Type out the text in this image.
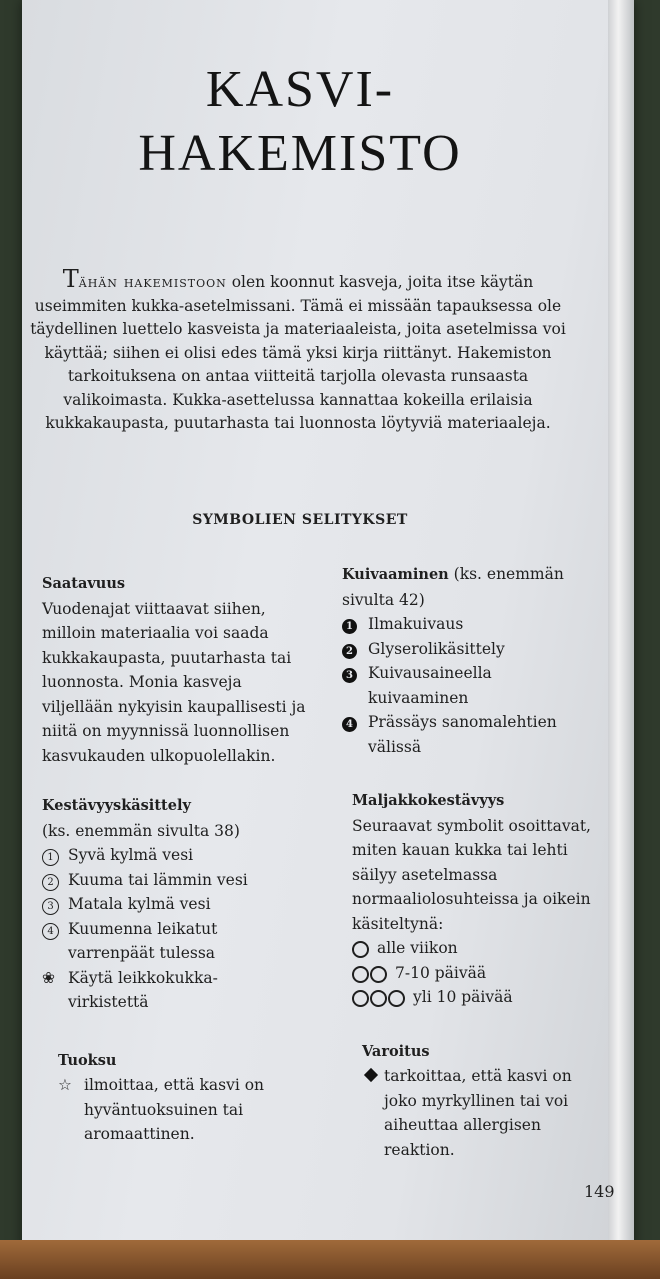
KASVI-
HAKEMISTO
Tähän hakemistoon olen koonnut kasveja, joita itse käytän useimmiten kukka-asetelmissani. Tämä ei missään tapauksessa ole täydellinen luettelo kasveista ja materiaaleista, joita asetelmissa voi käyttää; siihen ei olisi edes tämä yksi kirja riittänyt. Hakemiston tarkoituksena on antaa viitteitä tarjolla olevasta runsaasta valikoimasta. Kukka-asettelussa kannattaa kokeilla erilaisia kukkakaupasta, puutarhasta tai luonnosta löytyviä materiaaleja.
SYMBOLIEN SELITYKSET
Saatavuus
Vuodenajat viittaavat siihen, milloin materiaalia voi saada kukkakaupasta, puutarhasta tai luonnosta. Monia kasveja viljellään nykyisin kaupallisesti ja niitä on myynnissä luonnollisen kasvukauden ulkopuolellakin.
Kestävyyskäsittely
(ks. enemmän sivulta 38)
1 Syvä kylmä vesi
2 Kuuma tai lämmin vesi
3 Matala kylmä vesi
4 Kuumenna leikatut varrenpäät tulessa
❀ Käytä leikkokukka-virkistettä
Tuoksu
☆ ilmoittaa, että kasvi on hyväntuoksuinen tai aromaattinen.
Kuivaaminen (ks. enemmän sivulta 42)
1 Ilmakuivaus
2 Glyserolikäsittely
3 Kuivausaineella kuivaaminen
4 Prässäys sanomalehtien välissä
Maljakkokestävyys
Seuraavat symbolit osoittavat, miten kauan kukka tai lehti säilyy asetelmassa normaaliolosuhteissa ja oikein käsiteltynä:
alle viikon
7-10 päivää
yli 10 päivää
Varoitus
tarkoittaa, että kasvi on joko myrkyllinen tai voi aiheuttaa allergisen reaktion.
149
